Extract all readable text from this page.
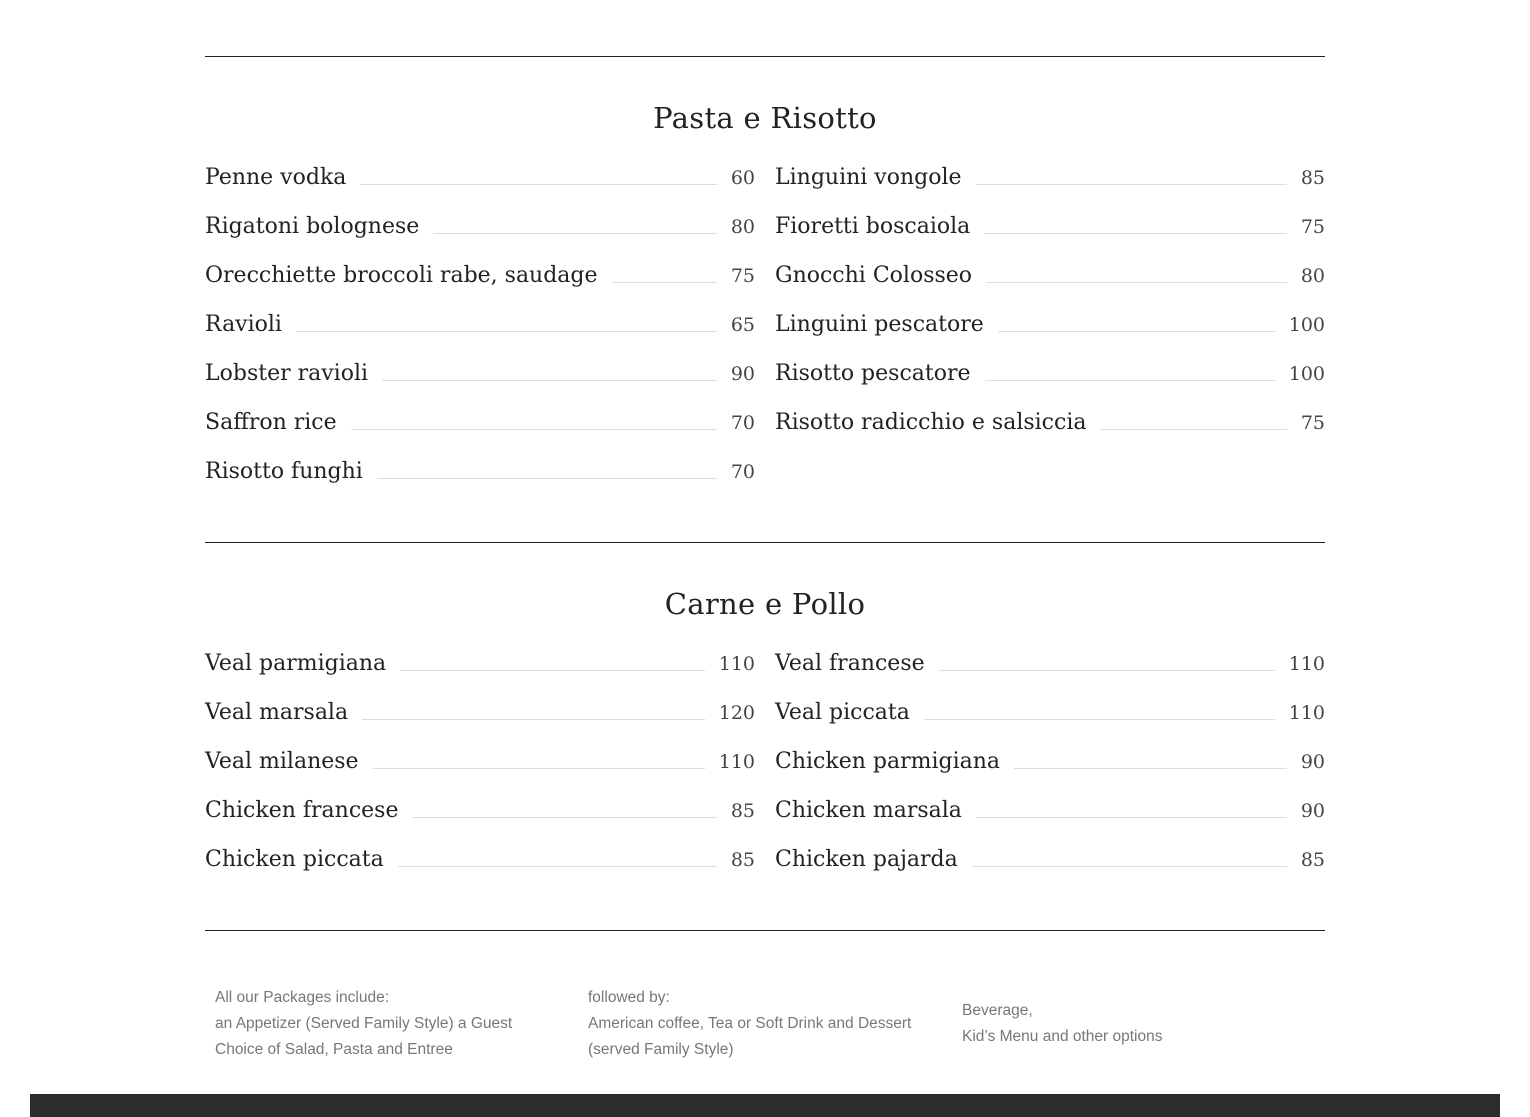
Pasta e Risotto
Penne vodka	60
Rigatoni bolognese	80
Orecchiette broccoli rabe, saudage	75
Ravioli	65
Lobster ravioli	90
Saffron rice	70
Risotto funghi	70
Linguini vongole	85
Fioretti boscaiola	75
Gnocchi Colosseo	80
Linguini pescatore	100
Risotto pescatore	100
Risotto radicchio e salsiccia	75
Carne e Pollo
Veal parmigiana	110
Veal marsala	120
Veal milanese	110
Chicken francese	85
Chicken piccata	85
Veal francese	110
Veal piccata	110
Chicken parmigiana	90
Chicken marsala	90
Chicken pajarda	85

All our Packages include:

an Appetizer (Served Family Style) a Guest

Choice of Salad, Pasta and Entree

followed by:

American coffee, Tea or Soft Drink and Dessert

(served Family Style)

Beverage,

Kid’s Menu and other options
